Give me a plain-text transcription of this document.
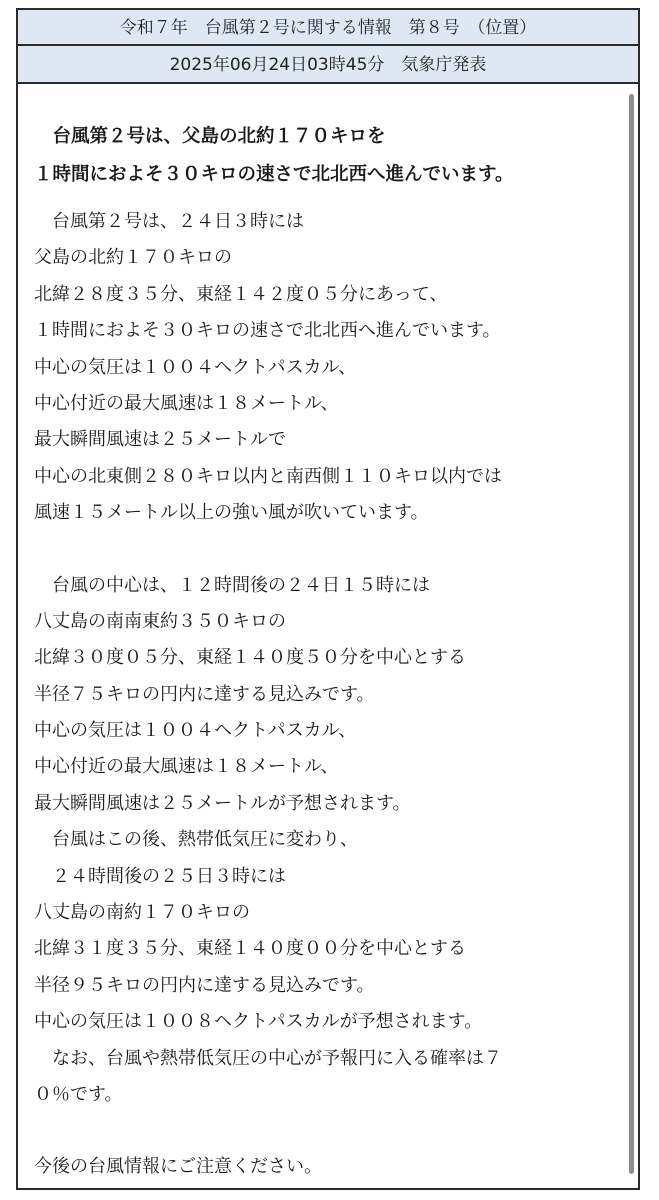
令和７年　台風第２号に関する情報　第８号　（位置）
2025年06月24日03時45分　気象庁発表
　台風第２号は、父島の北約１７０キロを
１時間におよそ３０キロの速さで北北西へ進んでいます。
　台風第２号は、２４日３時には
父島の北約１７０キロの
北緯２８度３５分、東経１４２度０５分にあって、
１時間におよそ３０キロの速さで北北西へ進んでいます。
中心の気圧は１００４ヘクトパスカル、
中心付近の最大風速は１８メートル、
最大瞬間風速は２５メートルで
中心の北東側２８０キロ以内と南西側１１０キロ以内では
風速１５メートル以上の強い風が吹いています。
　台風の中心は、１２時間後の２４日１５時には
八丈島の南南東約３５０キロの
北緯３０度０５分、東経１４０度５０分を中心とする
半径７５キロの円内に達する見込みです。
中心の気圧は１００４ヘクトパスカル、
中心付近の最大風速は１８メートル、
最大瞬間風速は２５メートルが予想されます。
　台風はこの後、熱帯低気圧に変わり、
　２４時間後の２５日３時には
八丈島の南約１７０キロの
北緯３１度３５分、東経１４０度００分を中心とする
半径９５キロの円内に達する見込みです。
中心の気圧は１００８ヘクトパスカルが予想されます。
　なお、台風や熱帯低気圧の中心が予報円に入る確率は７
０％です。
今後の台風情報にご注意ください。
